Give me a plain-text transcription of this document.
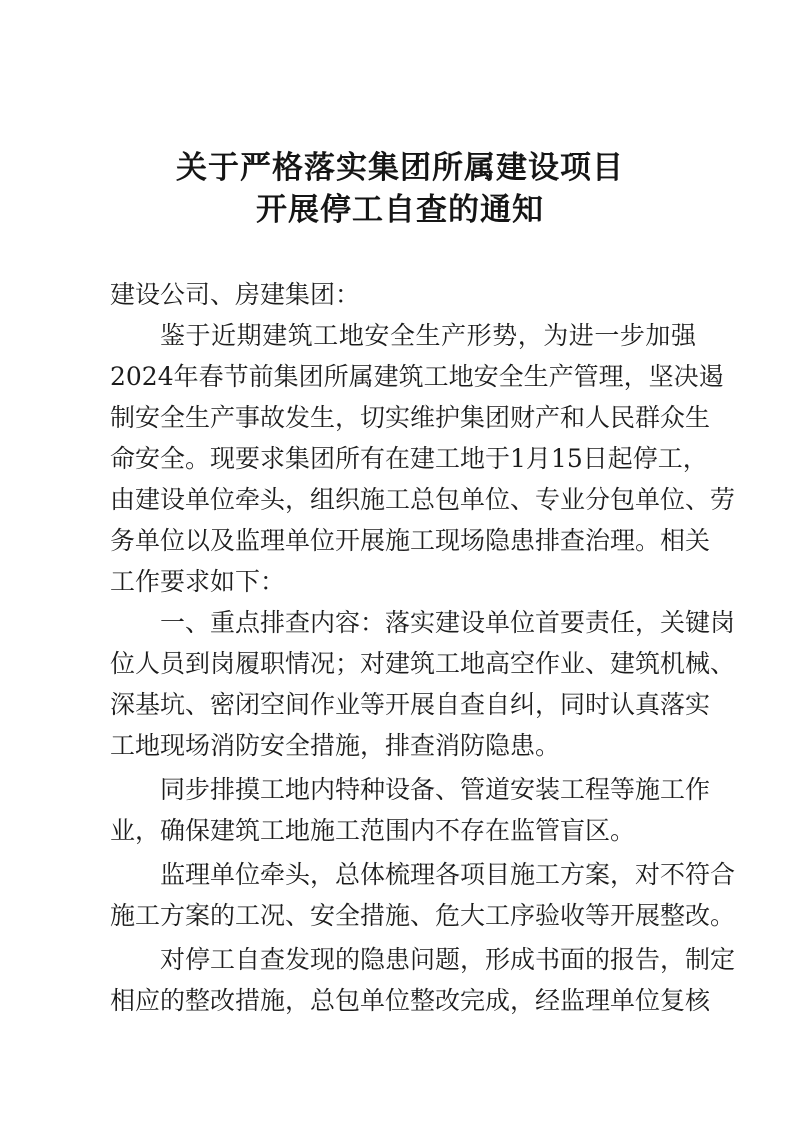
关于严格落实集团所属建设项目
开展停工自查的通知
建设公司、房建集团：
鉴于近期建筑工地安全生产形势，为进一步加强
2024年春节前集团所属建筑工地安全生产管理，坚决遏
制安全生产事故发生，切实维护集团财产和人民群众生
命安全。现要求集团所有在建工地于1月15日起停工，
由建设单位牵头，组织施工总包单位、专业分包单位、劳
务单位以及监理单位开展施工现场隐患排查治理。相关
工作要求如下：
一、重点排查内容：落实建设单位首要责任，关键岗
位人员到岗履职情况；对建筑工地高空作业、建筑机械、
深基坑、密闭空间作业等开展自查自纠，同时认真落实
工地现场消防安全措施，排查消防隐患。
同步排摸工地内特种设备、管道安装工程等施工作
业，确保建筑工地施工范围内不存在监管盲区。
监理单位牵头，总体梳理各项目施工方案，对不符合
施工方案的工况、安全措施、危大工序验收等开展整改。
对停工自查发现的隐患问题，形成书面的报告，制定
相应的整改措施，总包单位整改完成，经监理单位复核
